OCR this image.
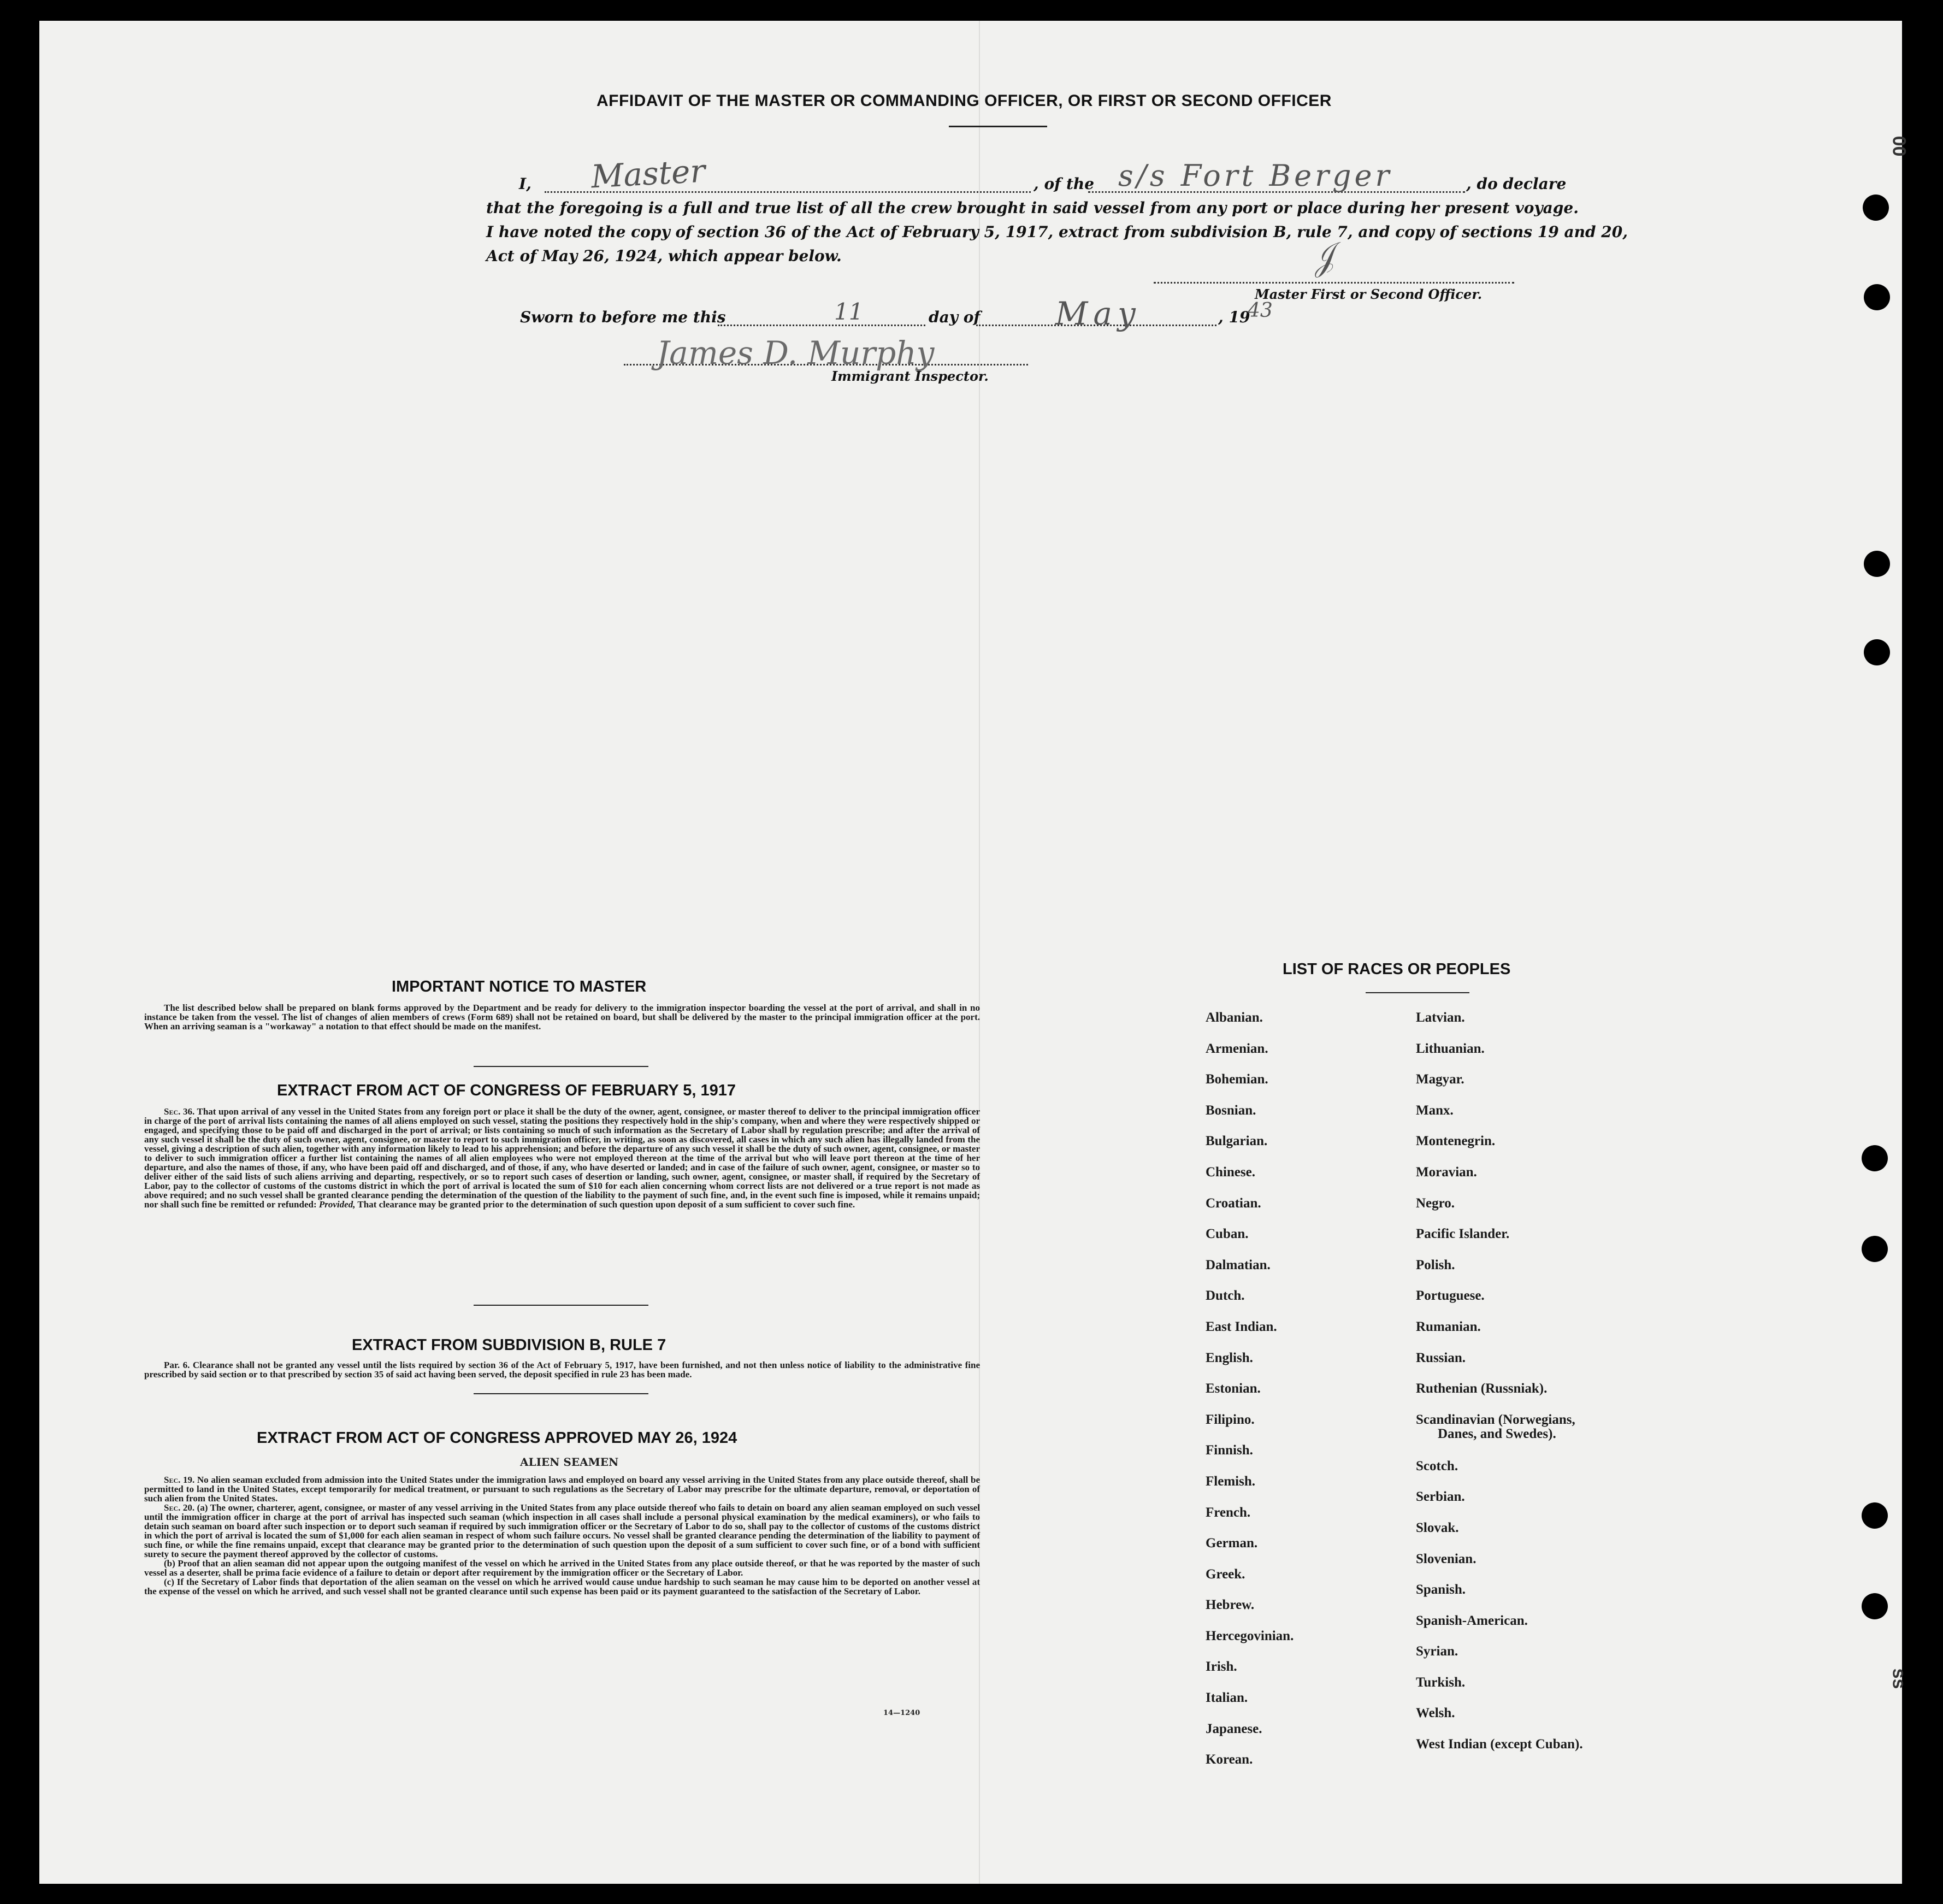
AFFIDAVIT OF THE MASTER OR COMMANDING OFFICER, OR FIRST OR SECOND OFFICER
I,	Master	, of the s/s Fort Berger	, do declare
that the foregoing is a full and true list of all the crew brought in said vessel from any port or place during her present voyage.
I have noted the copy of section 36 of the Act of February 5, 1917, extract from subdivision B, rule 7, and copy of sections 19 and 20,
Act of May 26, 1924, which appear below.	𝒥
Master First or Second Officer.
Sworn to before me this	11	day of May	, 19
43
James D. Murphy
Immigrant Inspector.
IMPORTANT NOTICE TO MASTER

The list described below shall be prepared on blank forms approved by the Department and be ready for delivery to the immigration inspector boarding the vessel at the port of arrival, and shall in no instance be taken from the vessel. The list of changes of alien members of crews (Form 689) shall not be retained on board, but shall be delivered by the master to the principal immigration officer at the port. When an arriving seaman is a "workaway" a notation to that effect should be made on the manifest.

EXTRACT FROM ACT OF CONGRESS OF FEBRUARY 5, 1917

Sec. 36. That upon arrival of any vessel in the United States from any foreign port or place it shall be the duty of the owner, agent, consignee, or master thereof to deliver to the principal immigration officer in charge of the port of arrival lists containing the names of all aliens employed on such vessel, stating the positions they respectively hold in the ship's company, when and where they were respectively shipped or engaged, and specifying those to be paid off and discharged in the port of arrival; or lists containing so much of such information as the Secretary of Labor shall by regulation prescribe; and after the arrival of any such vessel it shall be the duty of such owner, agent, consignee, or master to report to such immigration officer, in writing, as soon as discovered, all cases in which any such alien has illegally landed from the vessel, giving a description of such alien, together with any information likely to lead to his apprehension; and before the departure of any such vessel it shall be the duty of such owner, agent, consignee, or master to deliver to such immigration officer a further list containing the names of all alien employees who were not employed thereon at the time of the arrival but who will leave port thereon at the time of her departure, and also the names of those, if any, who have been paid off and discharged, and of those, if any, who have deserted or landed; and in case of the failure of such owner, agent, consignee, or master so to deliver either of the said lists of such aliens arriving and departing, respectively, or so to report such cases of desertion or landing, such owner, agent, consignee, or master shall, if required by the Secretary of Labor, pay to the collector of customs of the customs district in which the port of arrival is located the sum of $10 for each alien concerning whom correct lists are not delivered or a true report is not made as above required; and no such vessel shall be granted clearance pending the determination of the question of the liability to the payment of such fine, and, in the event such fine is imposed, while it remains unpaid; nor shall such fine be remitted or refunded: Provided, That clearance may be granted prior to the determination of such question upon deposit of a sum sufficient to cover such fine.

EXTRACT FROM SUBDIVISION B, RULE 7

Par. 6. Clearance shall not be granted any vessel until the lists required by section 36 of the Act of February 5, 1917, have been furnished, and not then unless notice of liability to the administrative fine prescribed by said section or to that prescribed by section 35 of said act having been served, the deposit specified in rule 23 has been made.

EXTRACT FROM ACT OF CONGRESS APPROVED MAY 26, 1924
ALIEN SEAMEN

Sec. 19. No alien seaman excluded from admission into the United States under the immigration laws and employed on board any vessel arriving in the United States from any place outside thereof, shall be permitted to land in the United States, except temporarily for medical treatment, or pursuant to such regulations as the Secretary of Labor may prescribe for the ultimate departure, removal, or deportation of such alien from the United States.

Sec. 20. (a) The owner, charterer, agent, consignee, or master of any vessel arriving in the United States from any place outside thereof who fails to detain on board any alien seaman employed on such vessel until the immigration officer in charge at the port of arrival has inspected such seaman (which inspection in all cases shall include a personal physical examination by the medical examiners), or who fails to detain such seaman on board after such inspection or to deport such seaman if required by such immigration officer or the Secretary of Labor to do so, shall pay to the collector of customs of the customs district in which the port of arrival is located the sum of $1,000 for each alien seaman in respect of whom such failure occurs. No vessel shall be granted clearance pending the determination of the liability to payment of such fine, or while the fine remains unpaid, except that clearance may be granted prior to the determination of such question upon the deposit of a sum sufficient to cover such fine, or of a bond with sufficient surety to secure the payment thereof approved by the collector of customs.

(b) Proof that an alien seaman did not appear upon the outgoing manifest of the vessel on which he arrived in the United States from any place outside thereof, or that he was reported by the master of such vessel as a deserter, shall be prima facie evidence of a failure to detain or deport after requirement by the immigration officer or the Secretary of Labor.

(c) If the Secretary of Labor finds that deportation of the alien seaman on the vessel on which he arrived would cause undue hardship to such seaman he may cause him to be deported on another vessel at the expense of the vessel on which he arrived, and such vessel shall not be granted clearance until such expense has been paid or its payment guaranteed to the satisfaction of the Secretary of Labor.

14—1240
LIST OF RACES OR PEOPLES
Albanian.
Armenian.
Bohemian.
Bosnian.
Bulgarian.
Chinese.
Croatian.
Cuban.
Dalmatian.
Dutch.
East Indian.
English.
Estonian.
Filipino.
Finnish.
Flemish.
French.
German.
Greek.
Hebrew.
Hercegovinian.
Irish.
Italian.
Japanese.
Korean.
Latvian.
Lithuanian.
Magyar.
Manx.
Montenegrin.
Moravian.
Negro.
Pacific Islander.
Polish.
Portuguese.
Rumanian.
Russian.
Ruthenian (Russniak).
Scandinavian (Norwegians,
Danes, and Swedes).
Scotch.
Serbian.
Slovak.
Slovenian.
Spanish.
Spanish-American.
Syrian.
Turkish.
Welsh.
West Indian (except Cuban).
00
ss
